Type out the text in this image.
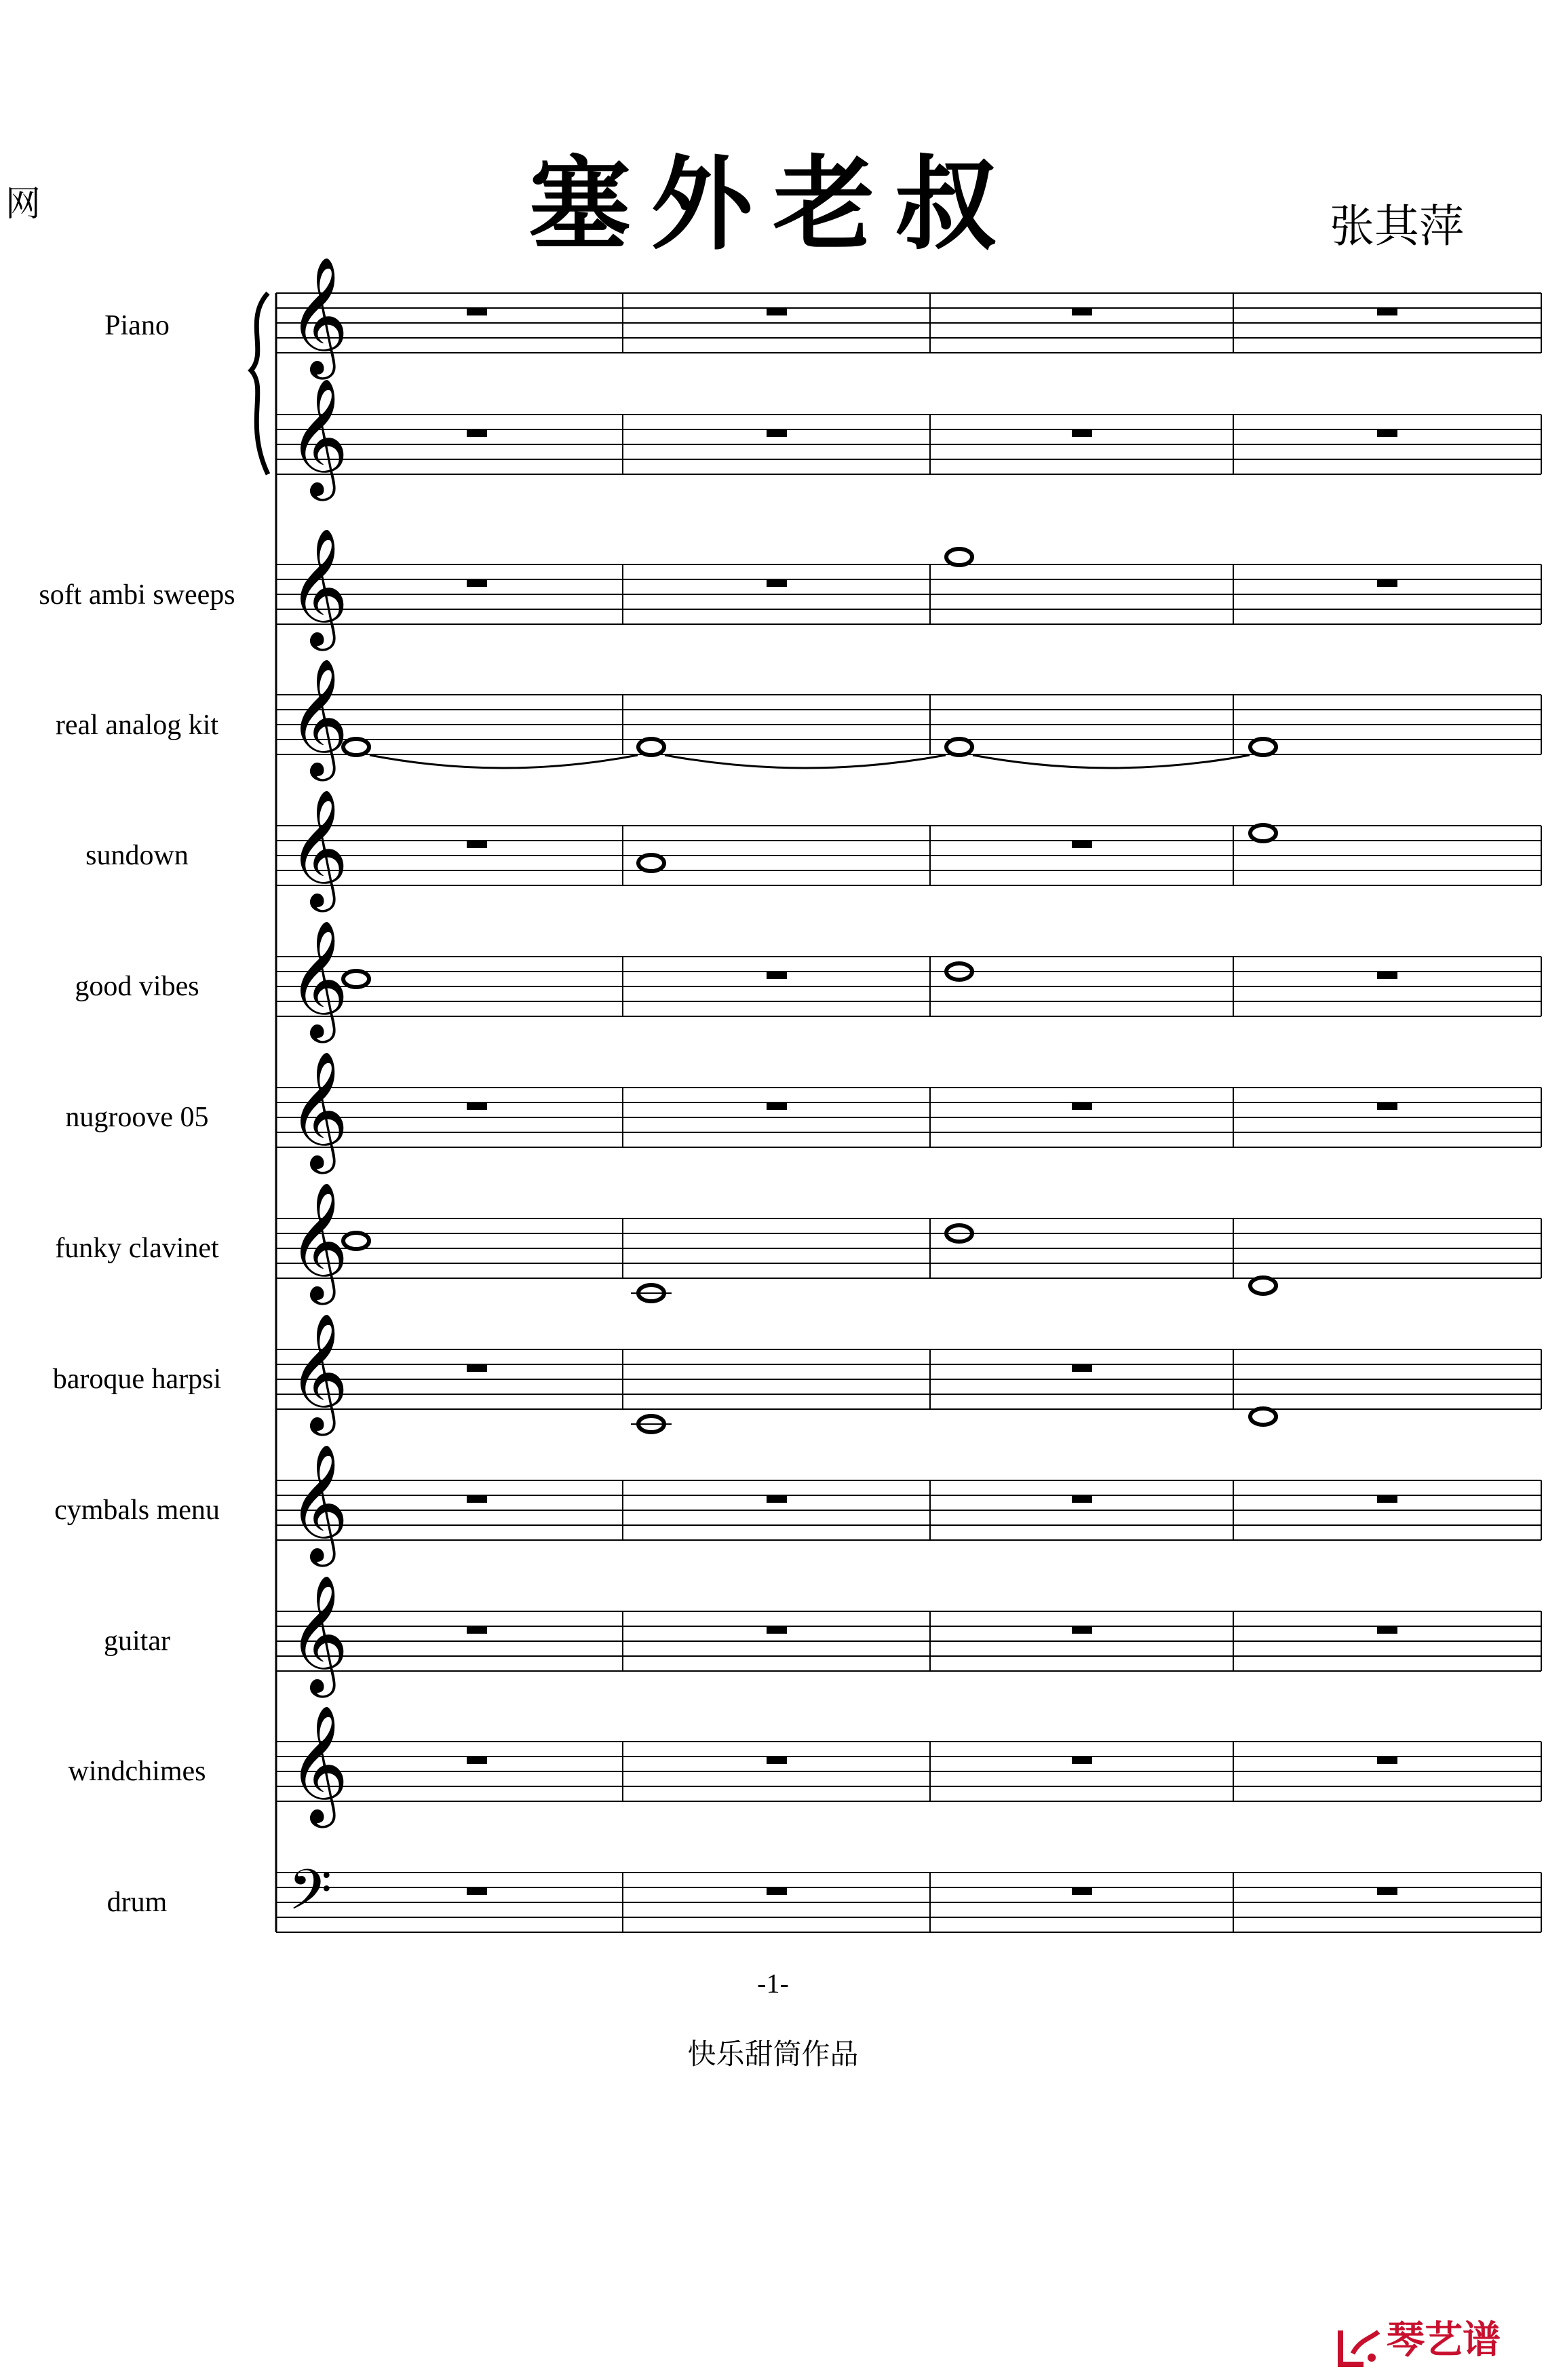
塞外老叔
网	张其萍
Piano
soft ambi sweeps
real analog kit
sundown
good vibes
nugroove 05
funky clavinet
baroque harpsi
cymbals menu
guitar
windchimes
drum
𝄞
𝄞
𝄞
𝄞
𝄞
𝄞
𝄞
𝄞
𝄞
𝄞
𝄞
𝄞
𝄢
-1-
快乐甜筒作品
琴艺谱
